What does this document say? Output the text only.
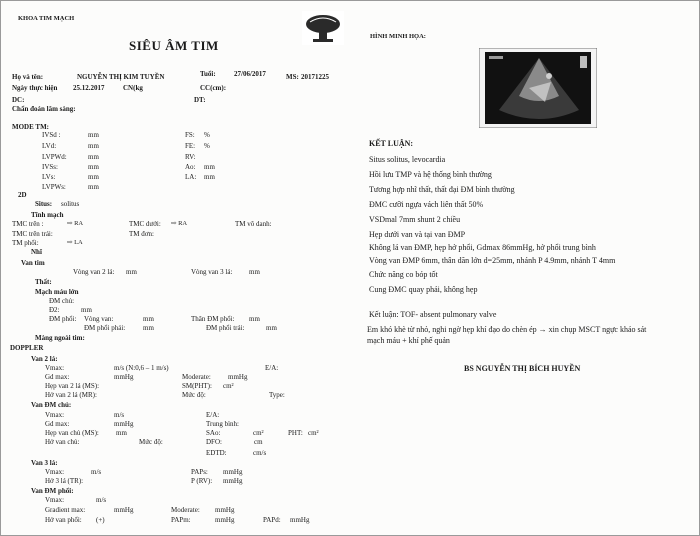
KHOA TIM MẠCH
SIÊU ÂM TIM
HÌNH MINH HỌA:
Họ và tên:	NGUYỄN THỊ KIM TUYỀN	Tuổi:	27/06/2017	MS: 20171225
Ngày thực hiện 25.12.2017	CN(kg	CC(cm):
DC:	DT:
Chẩn đoán lâm sàng:
MODE TM:
IVSd :	mm	FS: %
LVd:	mm	FE: %
LVPWd:	mm	RV:
IVSs:	mm	Ao: mm
LVs:	mm	LA: mm
LVPWs:	mm
2D
Situs: solitus
Tĩnh mạch
TMC trên :	⇨ RA	TMC dưới: ⇨ RA	TM vô danh:
TMC trên trái:	TM đơn:
TM phổi:	⇨ LA
Nhĩ
Van tim
Vòng van 2 lá: mm	Vòng van 3 lá: mm
Thất:
Mạch máu lớn
ĐM chủ:
Đ2:	mm
ĐM phổi: Vòng van:	mm	Thân ĐM phổi: mm
ĐM phổi phải:	mm	ĐM phổi trái:	mm
Màng ngoài tim:
DOPPLER
Van 2 lá:
Vmax:	m/s (N:0,6 – 1 m/s)	E/A:
Gd max:	mmHg	Moderate: mmHg
Hẹp van 2 lá (MS):	SM(PHT): cm²
Hở van 2 lá (MR):	Mức độ:	Type:
Van ĐM chủ:
Vmax:	m/s	E/A:
Gd max:	mmHg	Trung bình:
Hẹp van chủ (MS): mm	SAo:	cm²	PHT: cm²
Hở van chủ:	Mức độ:	DFO:	cm
EDTD:	cm/s
Van 3 lá:
Vmax:	m/s	PAPs: mmHg
Hở 3 lá (TR):	P (RV): mmHg
Van ĐM phổi:
Vmax:	m/s
Gradient max:	mmHg	Moderate: mmHg
Hở van phổi: (+)	PAPm:	mmHg	PAPd: mmHg
KẾT LUẬN:
Situs solitus, levocardia
Hồi lưu TMP và hệ thống bình thường
Tương hợp nhĩ thất, thất đại ĐM bình thường
ĐMC cưỡi ngựa vách liên thất 50%
VSDmal 7mm shunt 2 chiều
Hẹp dưới van và tại van ĐMP
Không lá van ĐMP, hẹp hở phổi, Gdmax 86mmHg, hở phổi trung bình
Vòng van ĐMP 6mm, thân dãn lớn d=25mm, nhánh P 4.9mm, nhánh T 4mm
Chức năng co bóp tốt
Cung ĐMC quay phải, không hẹp
Kết luận: TOF- absent pulmonary valve
Em khó khè từ nhỏ, nghi ngờ hẹp khí đạo do chèn ép → xin chụp MSCT ngực khảo sát
mạch máu + khí phế quản
BS NGUYỄN THỊ BÍCH HUYỀN
